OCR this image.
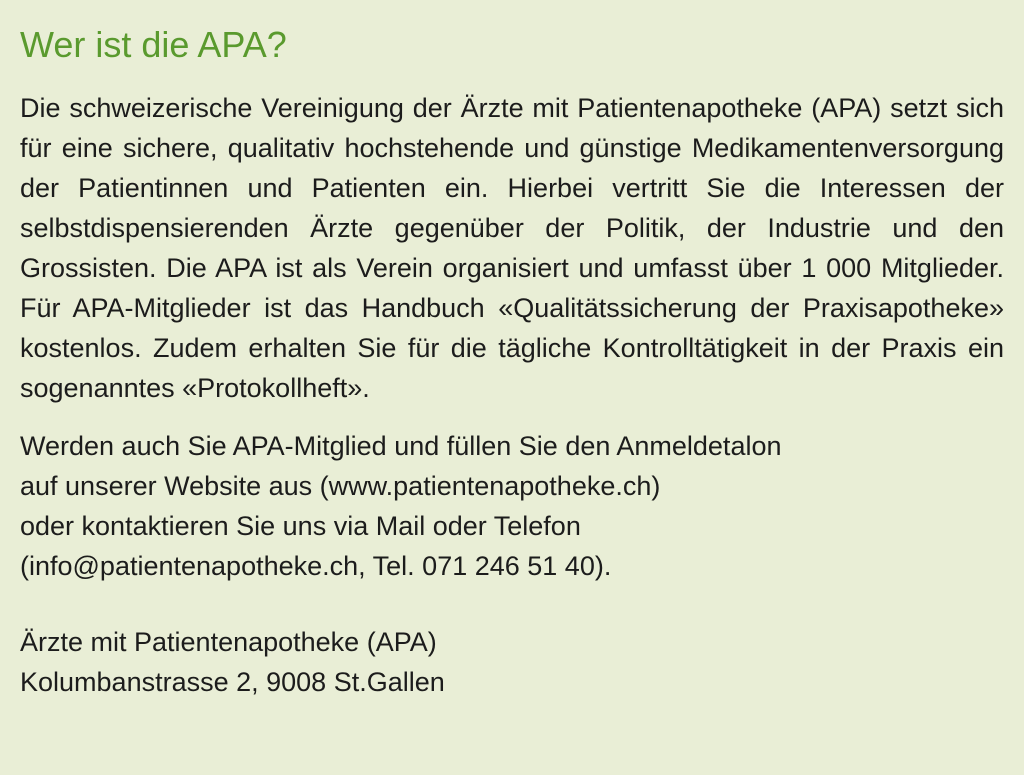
Wer ist die APA?

Die schweizerische Vereinigung der Ärzte mit Patientenapotheke (APA) setzt sich für eine sichere, qualitativ hochstehende und günstige Medikamentenversorgung der Patientinnen und Patienten ein. Hierbei vertritt Sie die Interessen der selbstdispensierenden Ärzte gegenüber der Politik, der Industrie und den Grossisten. Die APA ist als Verein organisiert und umfasst über 1 000 Mitglieder. Für APA-Mitglieder ist das Handbuch «Qualitätssicherung der Praxisapotheke» kostenlos. Zudem erhalten Sie für die tägliche Kontrolltätigkeit in der Praxis ein sogenanntes «Protokollheft».

Werden auch Sie APA-Mitglied und füllen Sie den Anmeldetalon
auf unserer Website aus (www.patientenapotheke.ch)
oder kontaktieren Sie uns via Mail oder Telefon
(info@patientenapotheke.ch, Tel. 071 246 51 40).

Ärzte mit Patientenapotheke (APA)
Kolumbanstrasse 2, 9008 St.Gallen
